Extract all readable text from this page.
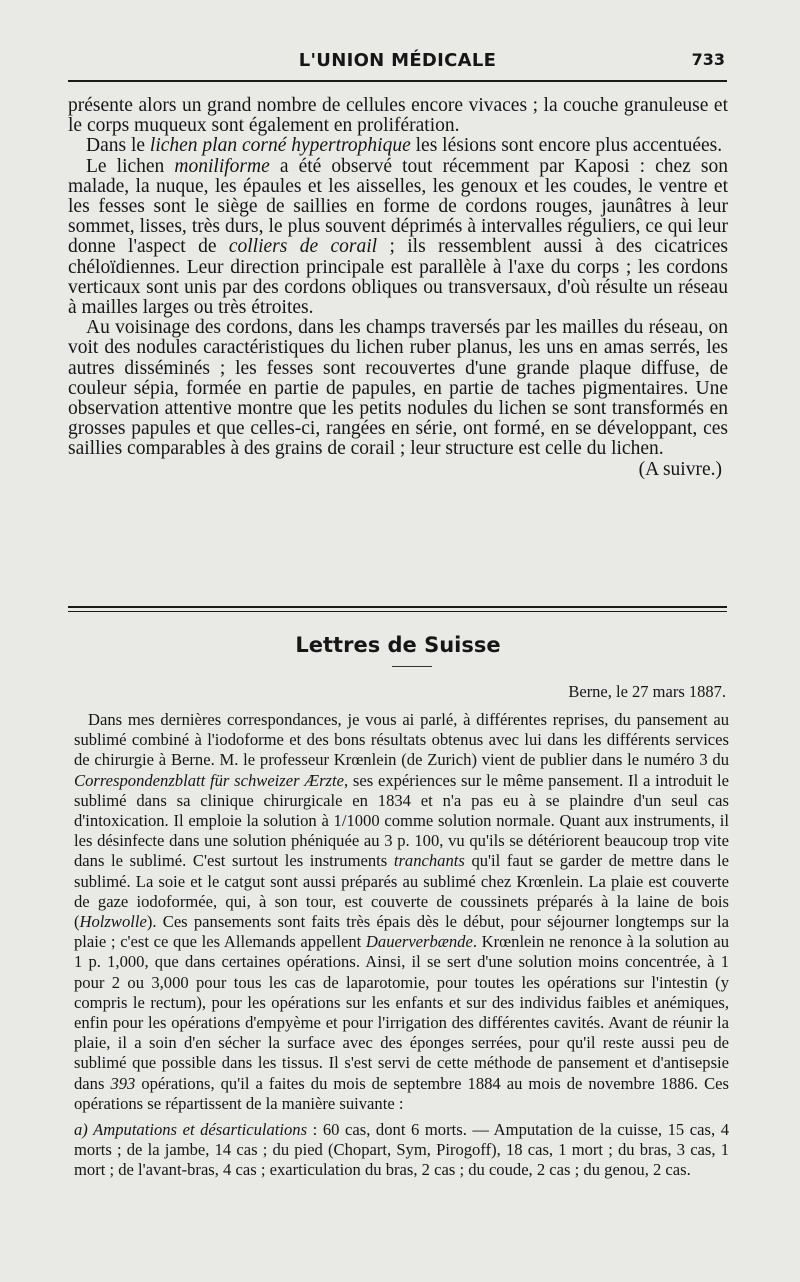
L'UNION MÉDICALE	733

présente alors un grand nombre de cellules encore vivaces ; la couche granuleuse et le corps muqueux sont également en prolifération.

Dans le lichen plan corné hypertrophique les lésions sont encore plus accentuées.

Le lichen moniliforme a été observé tout récemment par Kaposi : chez son malade, la nuque, les épaules et les aisselles, les genoux et les coudes, le ventre et les fesses sont le siège de saillies en forme de cordons rouges, jaunâtres à leur sommet, lisses, très durs, le plus souvent déprimés à intervalles réguliers, ce qui leur donne l'aspect de colliers de corail ; ils ressemblent aussi à des cicatrices chéloïdiennes. Leur direction principale est parallèle à l'axe du corps ; les cordons verticaux sont unis par des cordons obliques ou transversaux, d'où résulte un réseau à mailles larges ou très étroites.

Au voisinage des cordons, dans les champs traversés par les mailles du réseau, on voit des nodules caractéristiques du lichen ruber planus, les uns en amas serrés, les autres disséminés ; les fesses sont recouvertes d'une grande plaque diffuse, de couleur sépia, formée en partie de papules, en partie de taches pigmentaires. Une observation attentive montre que les petits nodules du lichen se sont transformés en grosses papules et que celles-ci, rangées en série, ont formé, en se développant, ces saillies comparables à des grains de corail ; leur structure est celle du lichen.
(A suivre.)

Lettres de Suisse
Berne, le 27 mars 1887.

Dans mes dernières correspondances, je vous ai parlé, à différentes reprises, du pansement au sublimé combiné à l'iodoforme et des bons résultats obtenus avec lui dans les différents services de chirurgie à Berne. M. le professeur Krœnlein (de Zurich) vient de publier dans le numéro 3 du Correspondenzblatt für schweizer Ærzte, ses expériences sur le même pansement. Il a introduit le sublimé dans sa clinique chirurgicale en 1834 et n'a pas eu à se plaindre d'un seul cas d'intoxication. Il emploie la solution à 1/1000 comme solution normale. Quant aux instruments, il les désinfecte dans une solution phéniquée au 3 p. 100, vu qu'ils se détériorent beaucoup trop vite dans le sublimé. C'est surtout les instruments tranchants qu'il faut se garder de mettre dans le sublimé. La soie et le catgut sont aussi préparés au sublimé chez Krœnlein. La plaie est couverte de gaze iodoformée, qui, à son tour, est couverte de coussinets préparés à la laine de bois (Holzwolle). Ces pansements sont faits très épais dès le début, pour séjourner longtemps sur la plaie ; c'est ce que les Allemands appellent Dauerverbænde. Krœnlein ne renonce à la solution au 1 p. 1,000, que dans certaines opérations. Ainsi, il se sert d'une solution moins concentrée, à 1 pour 2 ou 3,000 pour tous les cas de laparotomie, pour toutes les opérations sur l'intestin (y compris le rectum), pour les opérations sur les enfants et sur des individus faibles et anémiques, enfin pour les opérations d'empyème et pour l'irrigation des différentes cavités. Avant de réunir la plaie, il a soin d'en sécher la surface avec des éponges serrées, pour qu'il reste aussi peu de sublimé que possible dans les tissus. Il s'est servi de cette méthode de pansement et d'antisepsie dans 393 opérations, qu'il a faites du mois de septembre 1884 au mois de novembre 1886. Ces opérations se répartissent de la manière suivante :

a) Amputations et désarticulations : 60 cas, dont 6 morts. — Amputation de la cuisse, 15 cas, 4 morts ; de la jambe, 14 cas ; du pied (Chopart, Sym, Pirogoff), 18 cas, 1 mort ; du bras, 3 cas, 1 mort ; de l'avant-bras, 4 cas ; exarticulation du bras, 2 cas ; du coude, 2 cas ; du genou, 2 cas.
